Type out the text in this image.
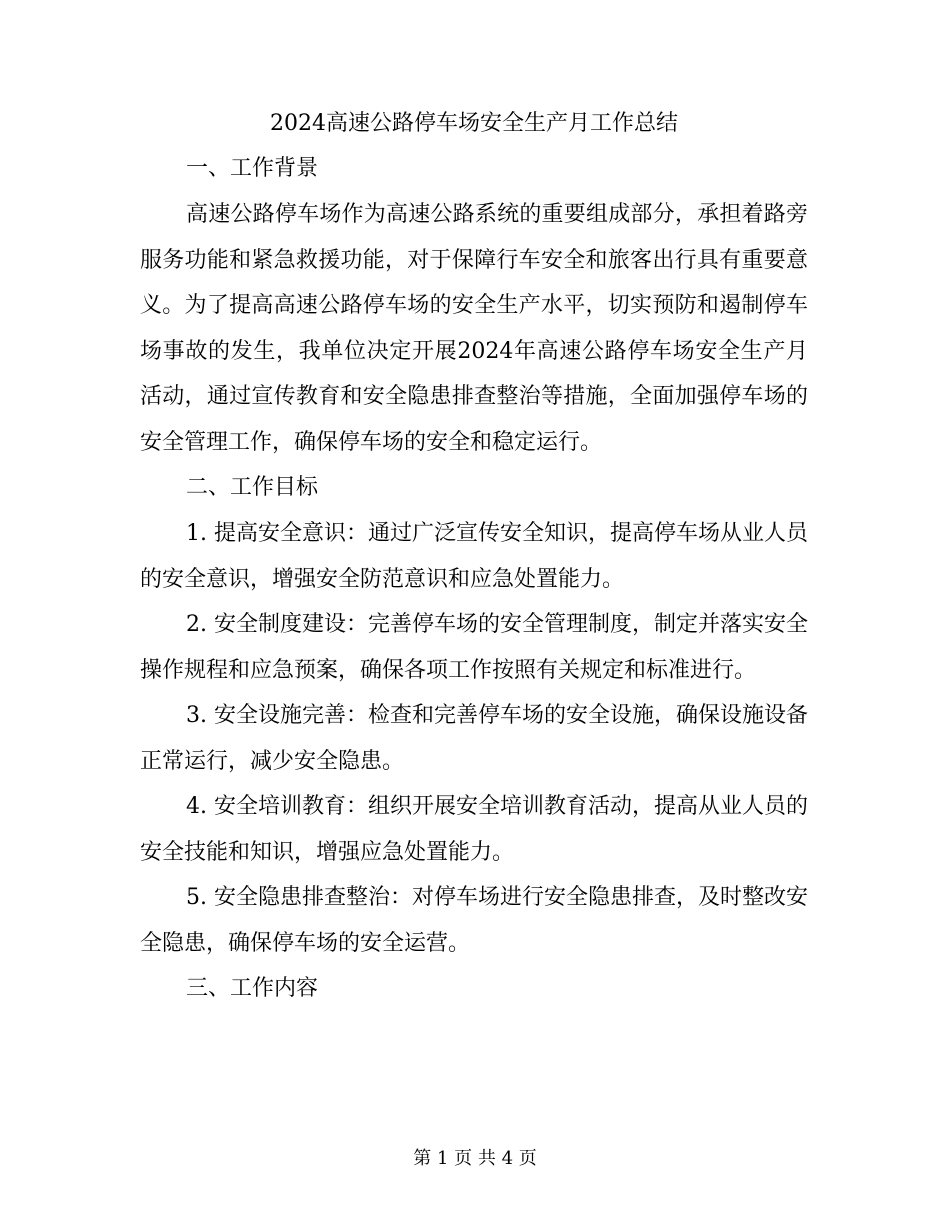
2024高速公路停车场安全生产月工作总结
一、工作背景

高速公路停车场作为高速公路系统的重要组成部分，承担着路旁服务功能和紧急救援功能，对于保障行车安全和旅客出行具有重要意义。为了提高高速公路停车场的安全生产水平，切实预防和遏制停车场事故的发生，我单位决定开展2024年高速公路停车场安全生产月活动，通过宣传教育和安全隐患排查整治等措施，全面加强停车场的安全管理工作，确保停车场的安全和稳定运行。

二、工作目标

1. 提高安全意识：通过广泛宣传安全知识，提高停车场从业人员的安全意识，增强安全防范意识和应急处置能力。

2. 安全制度建设：完善停车场的安全管理制度，制定并落实安全操作规程和应急预案，确保各项工作按照有关规定和标准进行。

3. 安全设施完善：检查和完善停车场的安全设施，确保设施设备正常运行，减少安全隐患。

4. 安全培训教育：组织开展安全培训教育活动，提高从业人员的安全技能和知识，增强应急处置能力。

5. 安全隐患排查整治：对停车场进行安全隐患排查，及时整改安全隐患，确保停车场的安全运营。

三、工作内容
第 1 页 共 4 页
